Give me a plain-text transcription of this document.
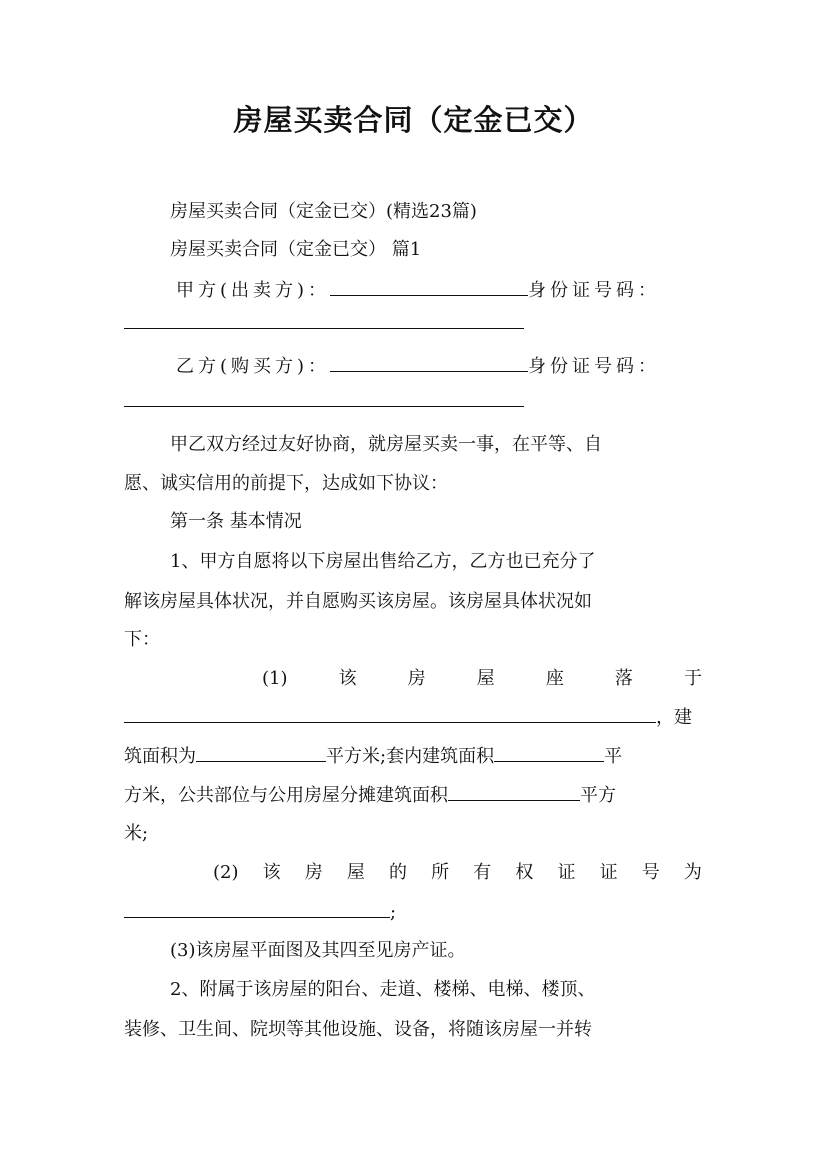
房屋买卖合同（定金已交）
房屋买卖合同（定金已交）(精选23篇)
房屋买卖合同（定金已交） 篇1
甲方(出卖方)：	身份证号码：
乙方(购买方)：	身份证号码：
甲乙双方经过友好协商，就房屋买卖一事，在平等、自
愿、诚实信用的前提下，达成如下协议：
第一条 基本情况
1、甲方自愿将以下房屋出售给乙方，乙方也已充分了
解该房屋具体状况，并自愿购买该房屋。该房屋具体状况如
下：
(1)	该	房	屋	座	落	于
，建
筑面积为	平方米;套内建筑面积	平
方米，公共部位与公用房屋分摊建筑面积	平方
米;
(2) 该 房 屋 的 所 有 权 证 证 号 为
;
(3)该房屋平面图及其四至见房产证。
2、附属于该房屋的阳台、走道、楼梯、电梯、楼顶、
装修、卫生间、院坝等其他设施、设备，将随该房屋一并转
